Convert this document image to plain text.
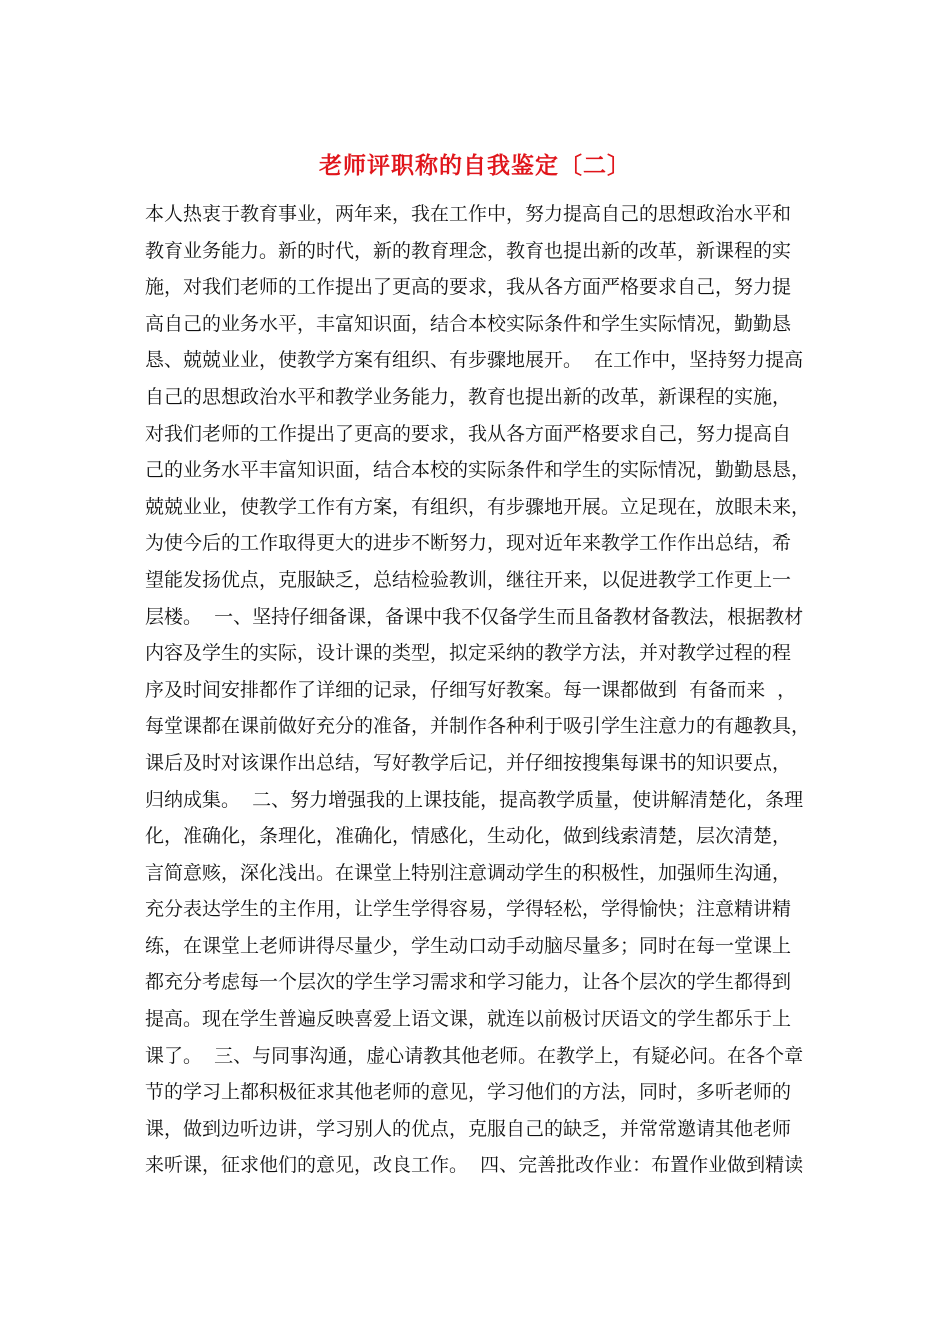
老师评职称的自我鉴定〔二〕
本人热衷于教育事业，两年来，我在工作中，努力提高自己的思想政治水平和
教育业务能力。新的时代，新的教育理念，教育也提出新的改革，新课程的实
施，对我们老师的工作提出了更高的要求，我从各方面严格要求自己，努力提
高自己的业务水平，丰富知识面，结合本校实际条件和学生实际情况，勤勤恳
恳、兢兢业业，使教学方案有组织、有步骤地展开。  在工作中，坚持努力提高
自己的思想政治水平和教学业务能力，教育也提出新的改革，新课程的实施，
对我们老师的工作提出了更高的要求，我从各方面严格要求自己，努力提高自
己的业务水平丰富知识面，结合本校的实际条件和学生的实际情况，勤勤恳恳，
兢兢业业，使教学工作有方案，有组织，有步骤地开展。立足现在，放眼未来，
为使今后的工作取得更大的进步不断努力，现对近年来教学工作作出总结，希
望能发扬优点，克服缺乏，总结检验教训，继往开来，以促进教学工作更上一
层楼。  一、坚持仔细备课，备课中我不仅备学生而且备教材备教法，根据教材
内容及学生的实际，设计课的类型，拟定采纳的教学方法，并对教学过程的程
序及时间安排都作了详细的记录，仔细写好教案。每一课都做到  有备而来  ，
每堂课都在课前做好充分的准备，并制作各种利于吸引学生注意力的有趣教具，
课后及时对该课作出总结，写好教学后记，并仔细按搜集每课书的知识要点，
归纳成集。  二、努力增强我的上课技能，提高教学质量，使讲解清楚化，条理
化，准确化，条理化，准确化，情感化，生动化，做到线索清楚，层次清楚，
言简意赅，深化浅出。在课堂上特别注意调动学生的积极性，加强师生沟通，
充分表达学生的主作用，让学生学得容易，学得轻松，学得愉快；注意精讲精
练，在课堂上老师讲得尽量少，学生动口动手动脑尽量多；同时在每一堂课上
都充分考虑每一个层次的学生学习需求和学习能力，让各个层次的学生都得到
提高。现在学生普遍反映喜爱上语文课，就连以前极讨厌语文的学生都乐于上
课了。  三、与同事沟通，虚心请教其他老师。在教学上，有疑必问。在各个章
节的学习上都积极征求其他老师的意见，学习他们的方法，同时，多听老师的
课，做到边听边讲，学习别人的优点，克服自己的缺乏，并常常邀请其他老师
来听课，征求他们的意见，改良工作。  四、完善批改作业：布置作业做到精读
